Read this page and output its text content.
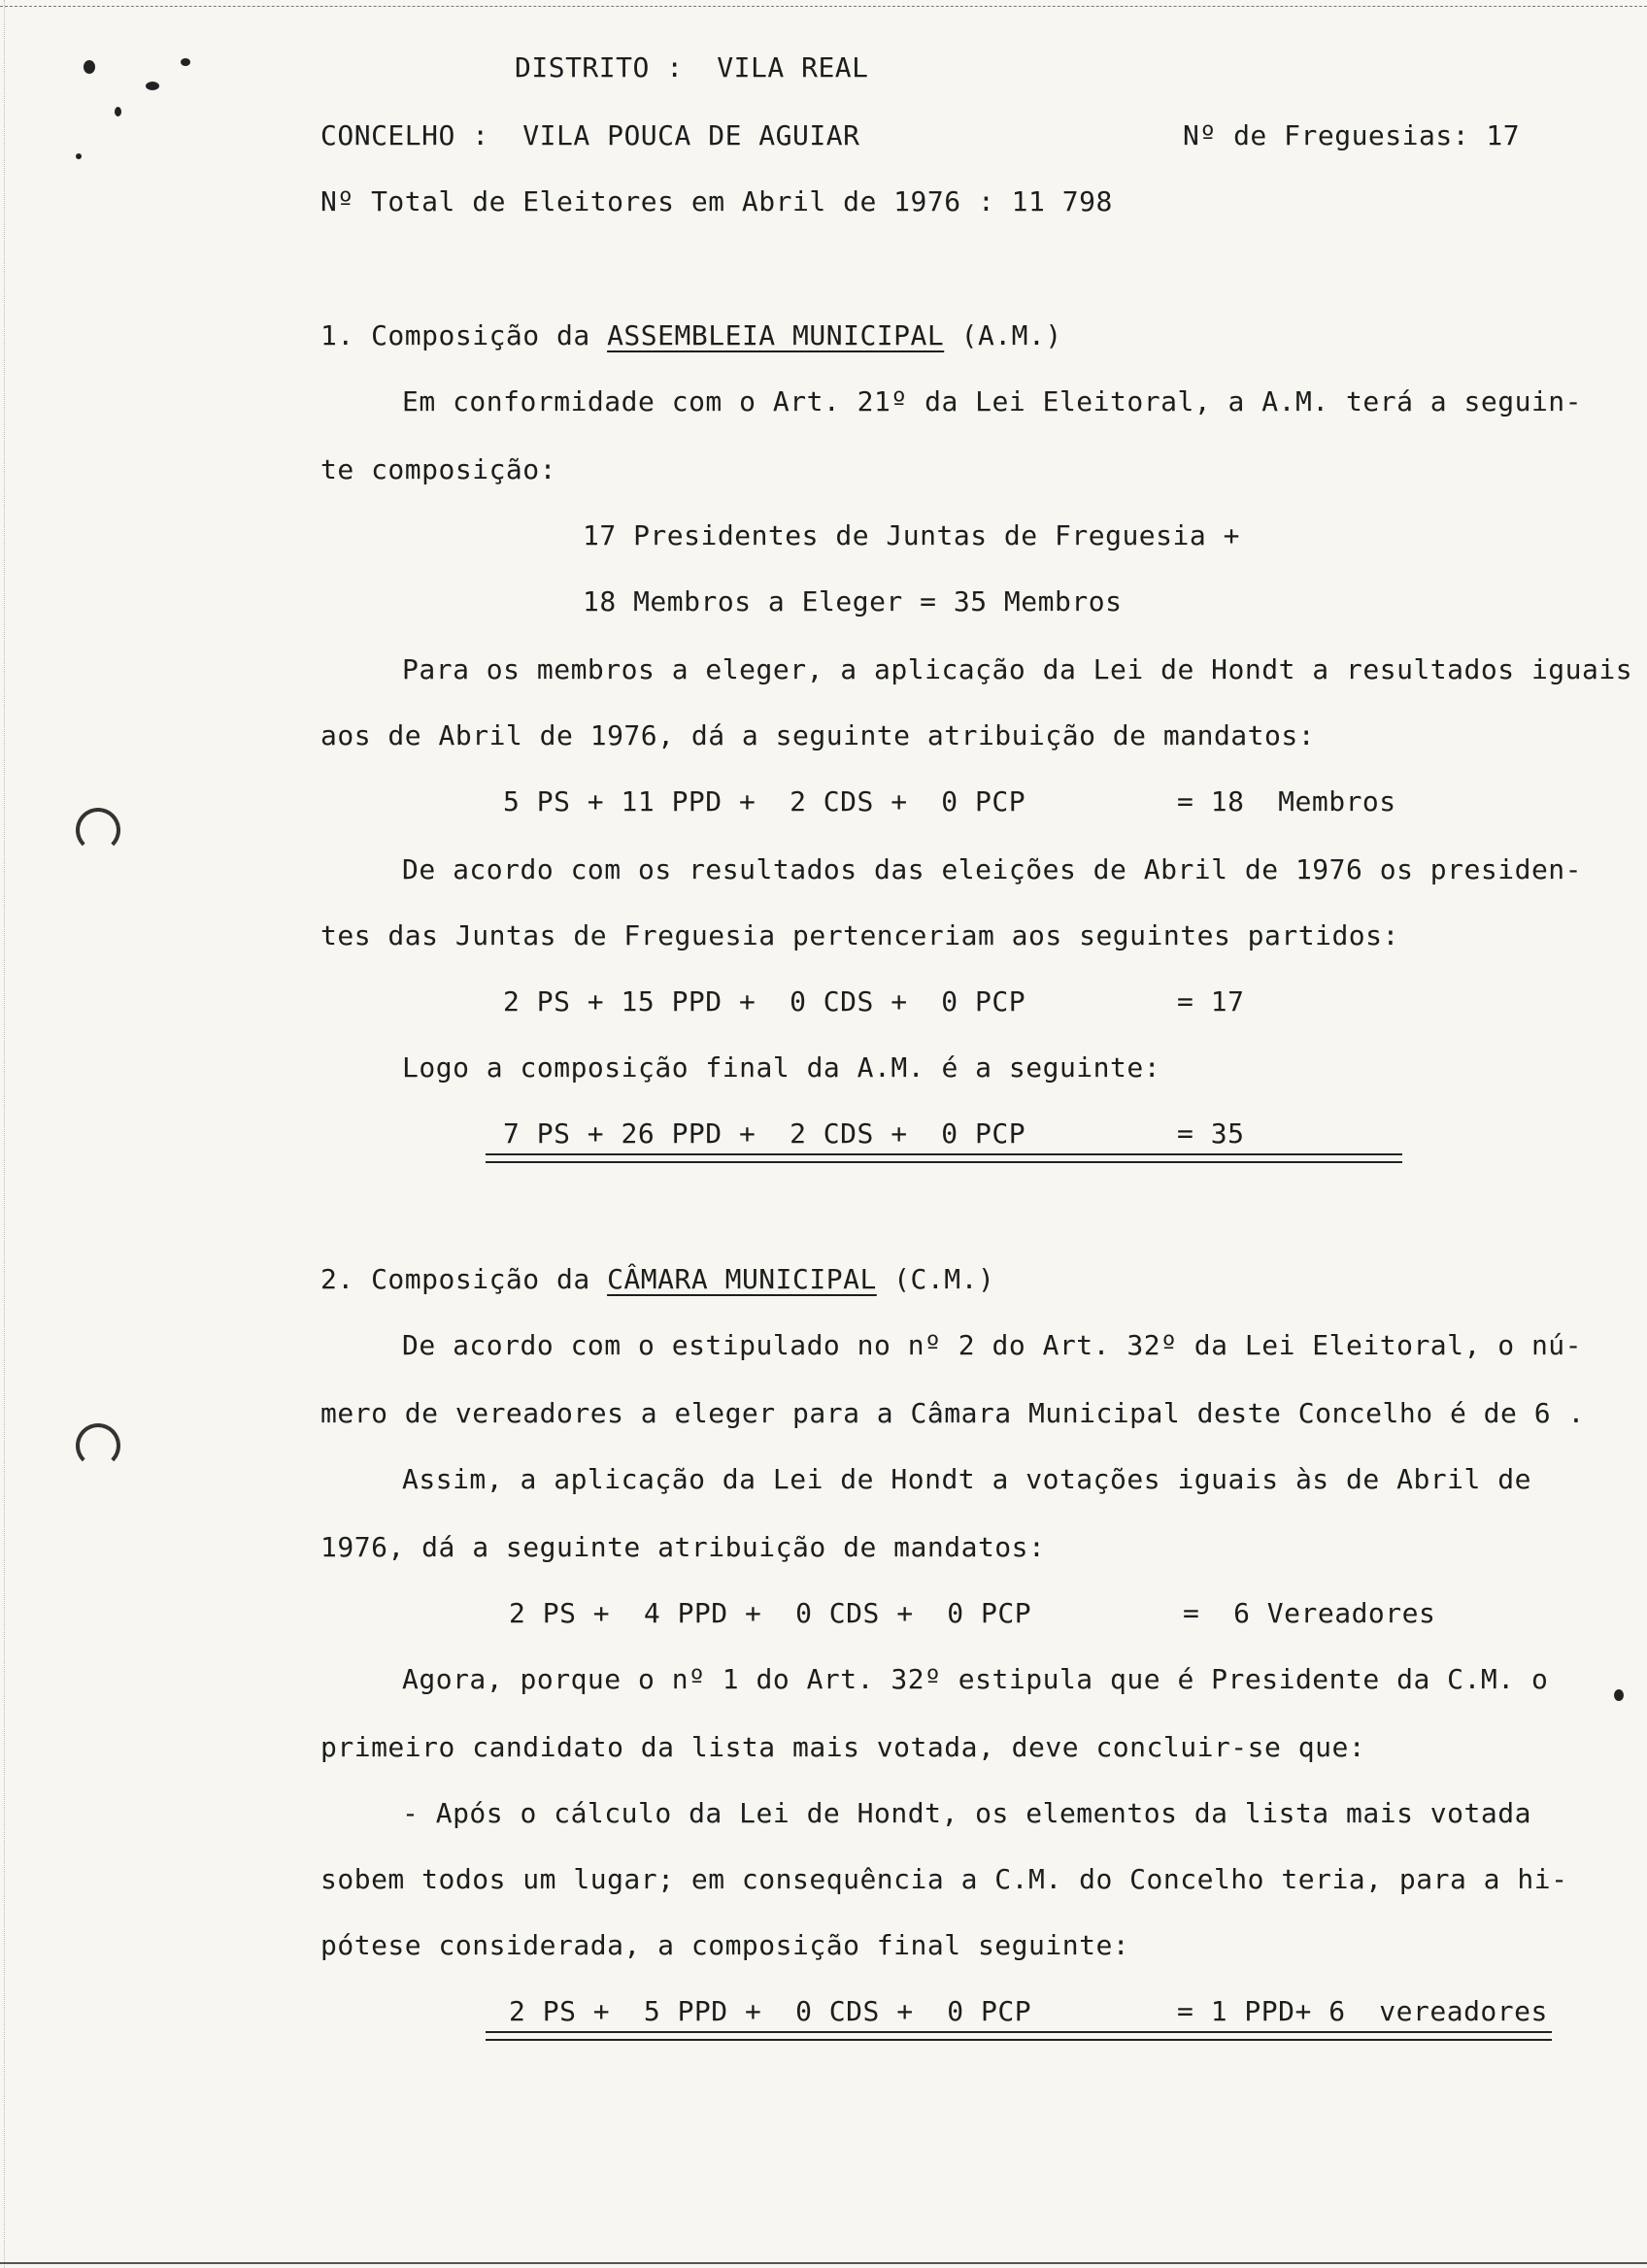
DISTRITO : VILA REAL
CONCELHO : VILA POUCA DE AGUIAR	Nº de Freguesias: 17
Nº Total de Eleitores em Abril de 1976 : 11 798
1. Composição da ASSEMBLEIA MUNICIPAL (A.M.)
Em conformidade com o Art. 21º da Lei Eleitoral, a A.M. terá a seguin-
te composição:
17 Presidentes de Juntas de Freguesia +
18 Membros a Eleger = 35 Membros
Para os membros a eleger, a aplicação da Lei de Hondt a resultados iguais
aos de Abril de 1976, dá a seguinte atribuição de mandatos:
5 PS + 11 PPD +  2 CDS +  0 PCP	= 18  Membros
De acordo com os resultados das eleições de Abril de 1976 os presiden-
tes das Juntas de Freguesia pertenceriam aos seguintes partidos:
2 PS + 15 PPD +  0 CDS +  0 PCP	= 17
Logo a composição final da A.M. é a seguinte:
7 PS + 26 PPD +  2 CDS +  0 PCP	= 35
2. Composição da CÂMARA MUNICIPAL (C.M.)
De acordo com o estipulado no nº 2 do Art. 32º da Lei Eleitoral, o nú-
mero de vereadores a eleger para a Câmara Municipal deste Concelho é de 6 .
Assim, a aplicação da Lei de Hondt a votações iguais às de Abril de
1976, dá a seguinte atribuição de mandatos:
2 PS +  4 PPD +  0 CDS +  0 PCP	=  6 Vereadores
Agora, porque o nº 1 do Art. 32º estipula que é Presidente da C.M. o
primeiro candidato da lista mais votada, deve concluir-se que:
- Após o cálculo da Lei de Hondt, os elementos da lista mais votada
sobem todos um lugar; em consequência a C.M. do Concelho teria, para a hi-
pótese considerada, a composição final seguinte:
2 PS +  5 PPD +  0 CDS +  0 PCP	= 1 PPD+ 6  vereadores
